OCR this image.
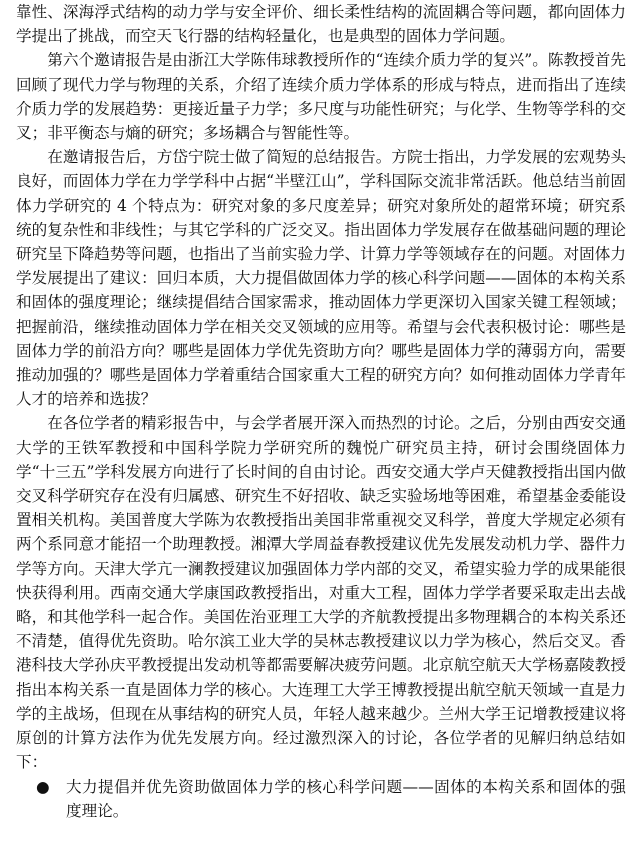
靠性、深海浮式结构的动力学与安全评价、细长柔性结构的流固耦合等问题，都向固体力学提出了挑战，而空天飞行器的结构轻量化，也是典型的固体力学问题。

第六个邀请报告是由浙江大学陈伟球教授所作的“连续介质力学的复兴”。陈教授首先回顾了现代力学与物理的关系，介绍了连续介质力学体系的形成与特点，进而指出了连续介质力学的发展趋势：更接近量子力学；多尺度与功能性研究；与化学、生物等学科的交叉；非平衡态与熵的研究；多场耦合与智能性等。

在邀请报告后，方岱宁院士做了简短的总结报告。方院士指出，力学发展的宏观势头良好，而固体力学在力学学科中占据“半壁江山”，学科国际交流非常活跃。他总结当前固体力学研究的 4 个特点为：研究对象的多尺度差异；研究对象所处的超常环境；研究系统的复杂性和非线性；与其它学科的广泛交叉。指出固体力学发展存在做基础问题的理论研究呈下降趋势等问题，也指出了当前实验力学、计算力学等领域存在的问题。对固体力学发展提出了建议：回归本质，大力提倡做固体力学的核心科学问题——固体的本构关系和固体的强度理论；继续提倡结合国家需求，推动固体力学更深切入国家关键工程领域；把握前沿，继续推动固体力学在相关交叉领域的应用等。希望与会代表积极讨论：哪些是固体力学的前沿方向？哪些是固体力学优先资助方向？哪些是固体力学的薄弱方向，需要推动加强的？哪些是固体力学着重结合国家重大工程的研究方向？如何推动固体力学青年人才的培养和选拔？

在各位学者的精彩报告中，与会学者展开深入而热烈的讨论。之后，分别由西安交通大学的王铁军教授和中国科学院力学研究所的魏悦广研究员主持，研讨会围绕固体力学“十三五”学科发展方向进行了长时间的自由讨论。西安交通大学卢天健教授指出国内做交叉科学研究存在没有归属感、研究生不好招收、缺乏实验场地等困难，希望基金委能设置相关机构。美国普度大学陈为农教授指出美国非常重视交叉科学，普度大学规定必须有两个系同意才能招一个助理教授。湘潭大学周益春教授建议优先发展发动机力学、器件力学等方向。天津大学亢一澜教授建议加强固体力学内部的交叉，希望实验力学的成果能很快获得利用。西南交通大学康国政教授指出，对重大工程，固体力学学者要采取走出去战略，和其他学科一起合作。美国佐治亚理工大学的齐航教授提出多物理耦合的本构关系还不清楚，值得优先资助。哈尔滨工业大学的吴林志教授建议以力学为核心，然后交叉。香港科技大学孙庆平教授提出发动机等都需要解决疲劳问题。北京航空航天大学杨嘉陵教授指出本构关系一直是固体力学的核心。大连理工大学王博教授提出航空航天领域一直是力学的主战场，但现在从事结构的研究人员，年轻人越来越少。兰州大学王记增教授建议将原创的计算方法作为优先发展方向。经过激烈深入的讨论，各位学者的见解归纳总结如下：

●	大力提倡并优先资助做固体力学的核心科学问题——固体的本构关系和固体的强度理论。
